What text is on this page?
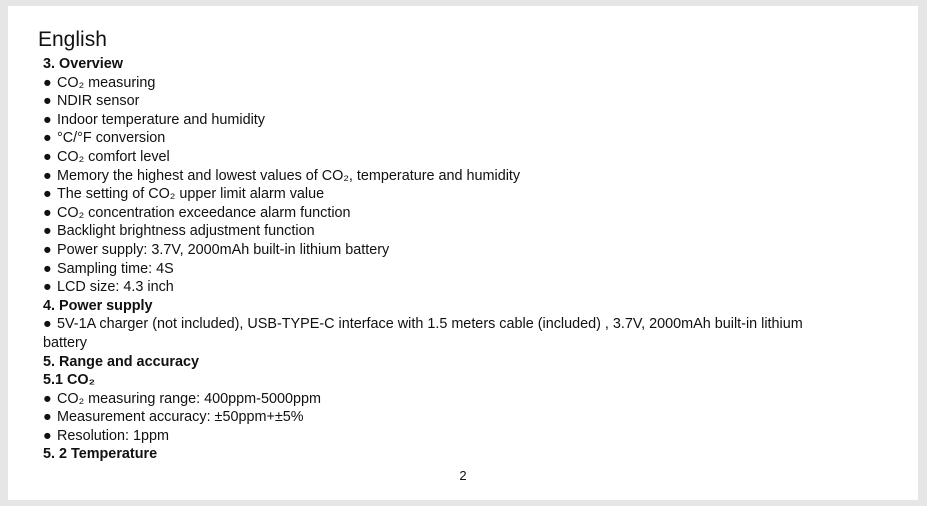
English
3. Overview
● CO₂ measuring
● NDIR sensor
● Indoor temperature and humidity
● °C/°F conversion
● CO₂ comfort level
● Memory the highest and lowest values of CO₂, temperature and humidity
● The setting of CO₂ upper limit alarm value
● CO₂ concentration exceedance alarm function
● Backlight brightness adjustment function
● Power supply: 3.7V, 2000mAh built-in lithium battery
● Sampling time: 4S
● LCD size: 4.3 inch
4. Power supply
● 5V-1A charger (not included), USB-TYPE-C interface with 1.5 meters cable (included) , 3.7V, 2000mAh built-in lithium
battery
5. Range and accuracy
5.1 CO₂
● CO₂ measuring range: 400ppm-5000ppm
● Measurement accuracy: ±50ppm+±5%
● Resolution: 1ppm
5. 2 Temperature
2
